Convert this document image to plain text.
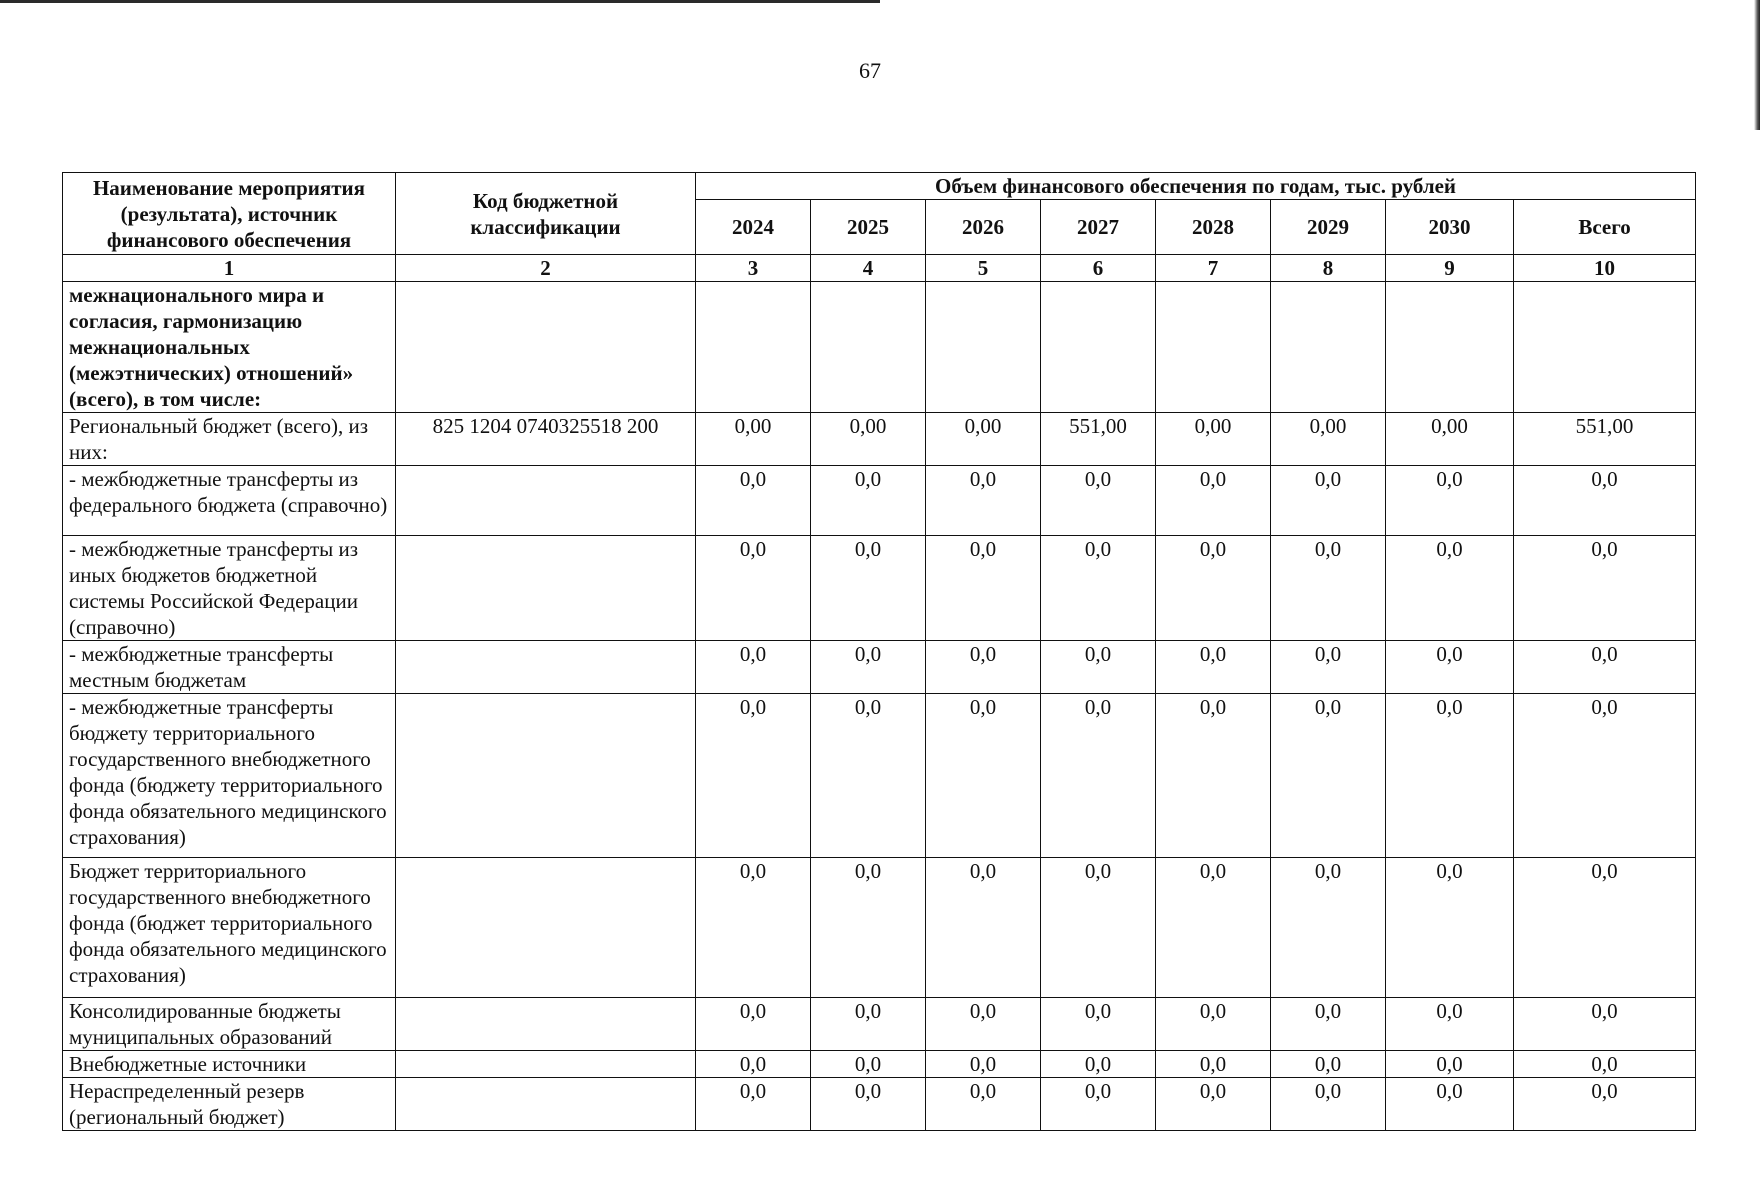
67
Наименование мероприятия (результата), источник финансового обеспечения	Код бюджетной классификации	Объем финансового обеспечения по годам, тыс. рублей							
		2024	2025	2026	2027	2028	2029	2030	Всего
1	2	3	4	5	6	7	8	9	10
межнационального мира и согласия, гармонизацию межнациональных (межэтнических) отношений» (всего), в том числе:									
Региональный бюджет (всего), из них:	825 1204 0740325518 200	0,00	0,00	0,00	551,00	0,00	0,00	0,00	551,00
- межбюджетные трансферты из федерального бюджета (справочно)		0,0	0,0	0,0	0,0	0,0	0,0	0,0	0,0
- межбюджетные трансферты из иных бюджетов бюджетной системы Российской Федерации (справочно)		0,0	0,0	0,0	0,0	0,0	0,0	0,0	0,0
- межбюджетные трансферты местным бюджетам		0,0	0,0	0,0	0,0	0,0	0,0	0,0	0,0
- межбюджетные трансферты бюджету территориального государственного внебюджетного фонда (бюджету территориального фонда обязательного медицинского страхования)		0,0	0,0	0,0	0,0	0,0	0,0	0,0	0,0
Бюджет территориального государственного внебюджетного фонда (бюджет территориального фонда обязательного медицинского страхования)		0,0	0,0	0,0	0,0	0,0	0,0	0,0	0,0
Консолидированные бюджеты муниципальных образований		0,0	0,0	0,0	0,0	0,0	0,0	0,0	0,0
Внебюджетные источники		0,0	0,0	0,0	0,0	0,0	0,0	0,0	0,0
Нераспределенный резерв (региональный бюджет)		0,0	0,0	0,0	0,0	0,0	0,0	0,0	0,0
